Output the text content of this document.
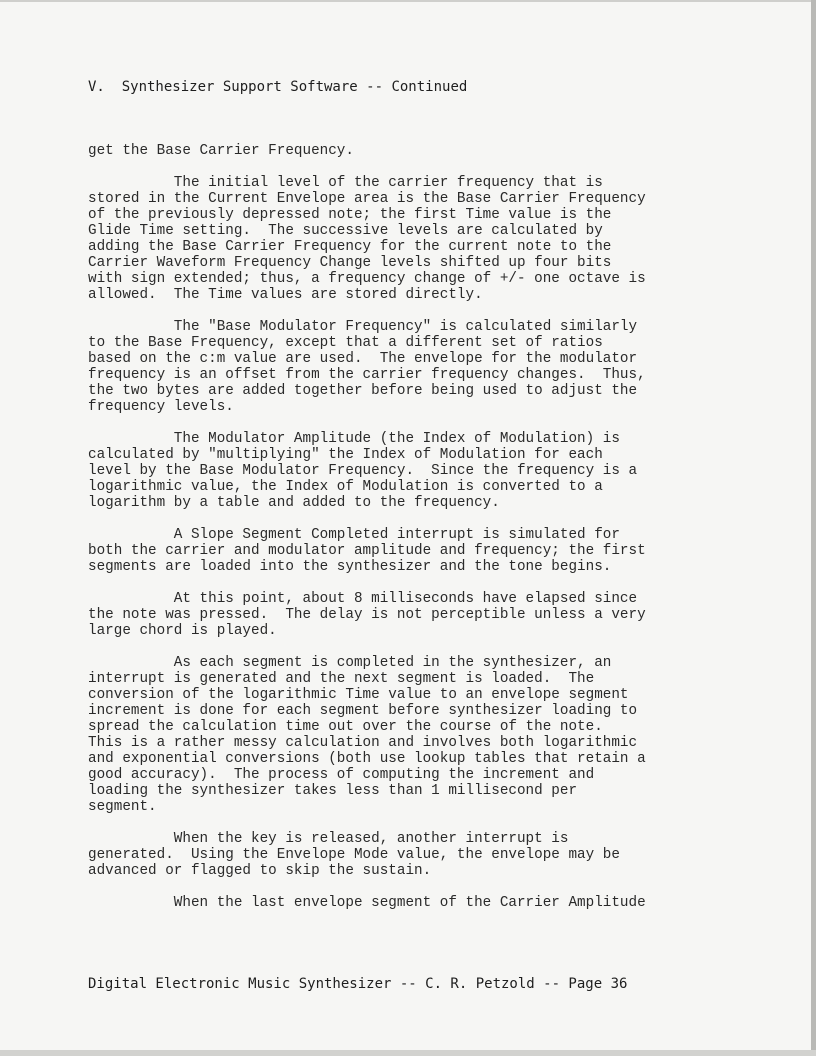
V. Synthesizer Support Software -- Continued

get the Base Carrier Frequency.

The initial level of the carrier frequency that is
stored in the Current Envelope area is the Base Carrier Frequency
of the previously depressed note; the first Time value is the
Glide Time setting.  The successive levels are calculated by
adding the Base Carrier Frequency for the current note to the
Carrier Waveform Frequency Change levels shifted up four bits
with sign extended; thus, a frequency change of +/- one octave is
allowed.  The Time values are stored directly.

The "Base Modulator Frequency" is calculated similarly
to the Base Frequency, except that a different set of ratios
based on the c:m value are used.  The envelope for the modulator
frequency is an offset from the carrier frequency changes.  Thus,
the two bytes are added together before being used to adjust the
frequency levels.

The Modulator Amplitude (the Index of Modulation) is
calculated by "multiplying" the Index of Modulation for each
level by the Base Modulator Frequency.  Since the frequency is a
logarithmic value, the Index of Modulation is converted to a
logarithm by a table and added to the frequency.

A Slope Segment Completed interrupt is simulated for
both the carrier and modulator amplitude and frequency; the first
segments are loaded into the synthesizer and the tone begins.

At this point, about 8 milliseconds have elapsed since
the note was pressed.  The delay is not perceptible unless a very
large chord is played.

As each segment is completed in the synthesizer, an
interrupt is generated and the next segment is loaded.  The
conversion of the logarithmic Time value to an envelope segment
increment is done for each segment before synthesizer loading to
spread the calculation time out over the course of the note.
This is a rather messy calculation and involves both logarithmic
and exponential conversions (both use lookup tables that retain a
good accuracy).  The process of computing the increment and
loading the synthesizer takes less than 1 millisecond per
segment.

When the key is released, another interrupt is
generated.  Using the Envelope Mode value, the envelope may be
advanced or flagged to skip the sustain.

When the last envelope segment of the Carrier Amplitude

Digital Electronic Music Synthesizer -- C. R. Petzold -- Page 36
